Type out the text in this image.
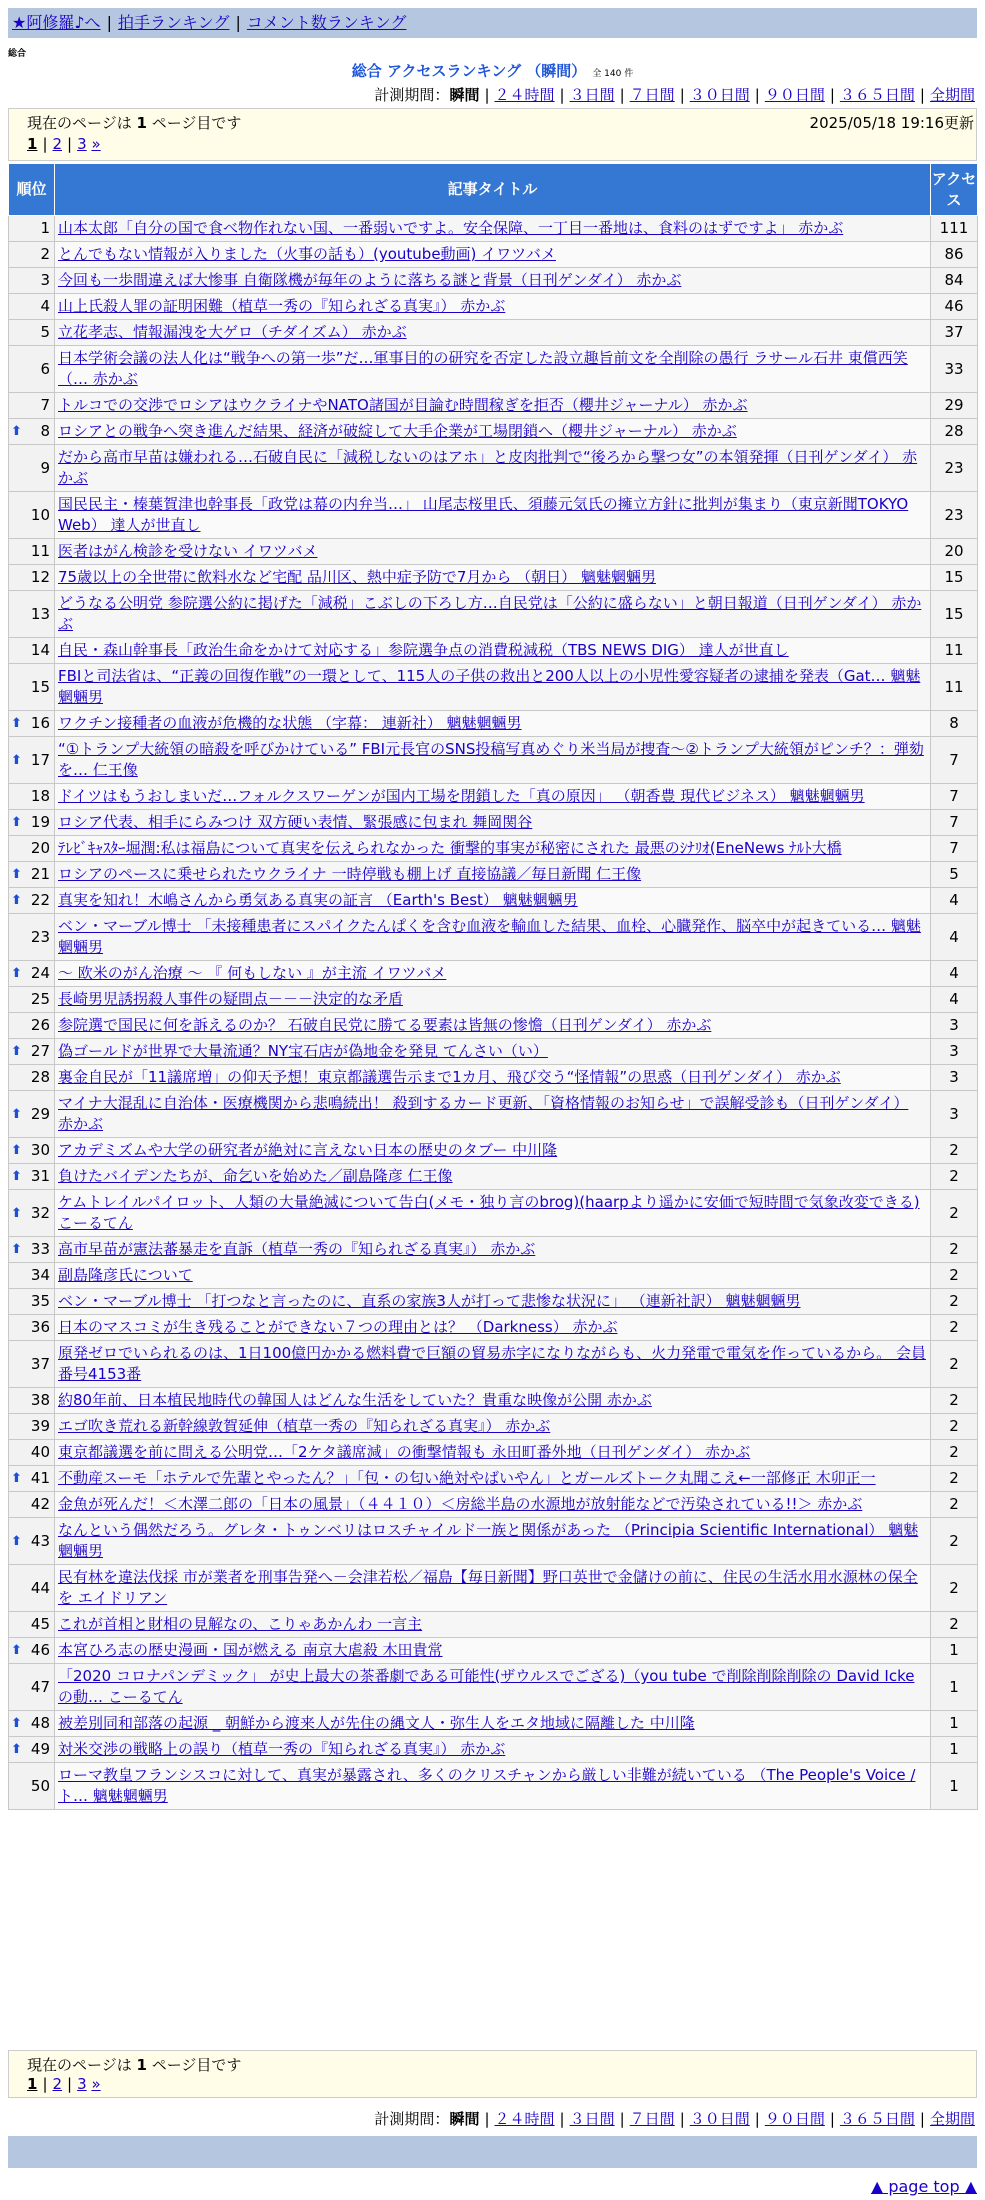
★阿修羅♪へ | 拍手ランキング | コメント数ランキング
総合
総合 アクセスランキング （瞬間） 全 140 件
計測期間：瞬間 | ２４時間 | ３日間 | ７日間 | ３０日間 | ９０日間 | ３６５日間 | 全期間
現在のページは 1 ページ目です	2025/05/18 19:16更新
1 | 2 | 3 »
順位	記事タイトル	アクセス
1	山本太郎「自分の国で食べ物作れない国、一番弱いですよ。安全保障、一丁目一番地は、食料のはずですよ」 赤かぶ	111
2	とんでもない情報が入りました（火事の話も）(youtube動画) イワツバメ	86
3	今回も一歩間違えば大惨事 自衛隊機が毎年のように落ちる謎と背景（日刊ゲンダイ） 赤かぶ	84
4	山上氏殺人罪の証明困難（植草一秀の『知られざる真実』） 赤かぶ	46
5	立花孝志、情報漏洩を大ゲロ（チダイズム） 赤かぶ	37
6	日本学術会議の法人化は“戦争への第一歩”だ…軍事目的の研究を否定した設立趣旨前文を全削除の愚行 ラサール石井 東償西笑 （… 赤かぶ	33
7	トルコでの交渉でロシアはウクライナやNATO諸国が目論む時間稼ぎを拒否（櫻井ジャーナル） 赤かぶ	29

⬆ 8	ロシアとの戦争へ突き進んだ結果、経済が破綻して大手企業が工場閉鎖へ（櫻井ジャーナル） 赤かぶ	28
9	だから高市早苗は嫌われる…石破自民に「減税しないのはアホ」と皮肉批判で“後ろから撃つ女”の本領発揮（日刊ゲンダイ） 赤かぶ	23
10	国民民主・榛葉賀津也幹事長「政党は幕の内弁当…」 山尾志桜里氏、須藤元気氏の擁立方針に批判が集まり（東京新聞TOKYO Web） 達人が世直し	23
11	医者はがん検診を受けない イワツバメ	20
12	75歳以上の全世帯に飲料水など宅配 品川区、熱中症予防で7月から （朝日） 魑魅魍魎男	15
13	どうなる公明党 参院選公約に掲げた「減税」こぶしの下ろし方…自民党は「公約に盛らない」と朝日報道（日刊ゲンダイ） 赤かぶ	15
14	自民・森山幹事長「政治生命をかけて対応する」参院選争点の消費税減税（TBS NEWS DIG） 達人が世直し	11
15	FBIと司法省は、“正義の回復作戦”の一環として、115人の子供の救出と200人以上の小児性愛容疑者の逮捕を発表（Gat… 魑魅魍魎男	11

⬆ 16	ワクチン接種者の血液が危機的な状態 （字幕： 連新社） 魑魅魍魎男	8

⬆ 17	“①トランプ大統領の暗殺を呼びかけている” FBI元長官のSNS投稿写真めぐり米当局が捜査〜②トランプ大統領がピンチ？：弾劾を… 仁王像	7
18	ドイツはもうおしまいだ…フォルクスワーゲンが国内工場を閉鎖した「真の原因」 （朝香豊 現代ビジネス） 魑魅魍魎男	7

⬆ 19	ロシア代表、相手にらみつけ 双方硬い表情、緊張感に包まれ 舞岡関谷	7
20	ﾃﾚﾋﾞｷｬｽﾀｰ堀潤:私は福島について真実を伝えられなかった 衝撃的事実が秘密にされた 最悪のｼﾅﾘｵ(EneNews ﾅﾙﾄ大橋	7

⬆ 21	ロシアのペースに乗せられたウクライナ 一時停戦も棚上げ 直接協議／毎日新聞 仁王像	5

⬆ 22	真実を知れ！木嶋さんから勇気ある真実の証言 （Earth's Best） 魑魅魍魎男	4
23	ベン・マーブル博士 「未接種患者にスパイクたんぱくを含む血液を輸血した結果、血栓、心臓発作、脳卒中が起きている… 魑魅魍魎男	4

⬆ 24	～ 欧米のがん治療 ～ 『 何もしない 』が主流 イワツバメ	4
25	長崎男児誘拐殺人事件の疑問点－－－決定的な矛盾	4
26	参院選で国民に何を訴えるのか？ 石破自民党に勝てる要素は皆無の惨憺（日刊ゲンダイ） 赤かぶ	3

⬆ 27	偽ゴールドが世界で大量流通？NY宝石店が偽地金を発見 てんさい（い）	3
28	裏金自民が「11議席増」の仰天予想！東京都議選告示まで1カ月、飛び交う“怪情報”の思惑（日刊ゲンダイ） 赤かぶ	3

⬆ 29	マイナ大混乱に自治体・医療機関から悲鳴続出！ 殺到するカード更新、「資格情報のお知らせ」で誤解受診も（日刊ゲンダイ） 赤かぶ	3

⬆ 30	アカデミズムや大学の研究者が絶対に言えない日本の歴史のタブー 中川隆	2

⬆ 31	負けたバイデンたちが、命乞いを始めた／副島隆彦 仁王像	2

⬆ 32	ケムトレイルパイロット、人類の大量絶滅について告白(メモ・独り言のbrog)(haarpより遥かに安価で短時間で気象改変できる) こーるてん	2

⬆ 33	高市早苗が憲法蕃暴走を直訴（植草一秀の『知られざる真実』） 赤かぶ	2
34	副島隆彦氏について	2
35	ベン・マーブル博士 「打つなと言ったのに、直系の家族3人が打って悲惨な状況に」 （連新社訳） 魑魅魍魎男	2
36	日本のマスコミが生き残ることができない７つの理由とは？ （Darkness） 赤かぶ	2
37	原発ゼロでいられるのは、1日100億円かかる燃料費で巨額の貿易赤字になりながらも、火力発電で電気を作っているから。 会員番号4153番	2
38	約80年前、日本植民地時代の韓国人はどんな生活をしていた？貴重な映像が公開 赤かぶ	2
39	エゴ吹き荒れる新幹線敦賀延伸（植草一秀の『知られざる真実』） 赤かぶ	2
40	東京都議選を前に問える公明党…「2ケタ議席減」の衝撃情報も 永田町番外地（日刊ゲンダイ） 赤かぶ	2

⬆ 41	不動産スーモ「ホテルで先輩とやったん？」「包・の匂い絶対やばいやん」とガールズトーク丸聞こえ←一部修正 木卯正一	2
42	金魚が死んだ！＜木澤二郎の「日本の風景」（４４１０）＜房総半島の水源地が放射能などで汚染されている!!＞ 赤かぶ	2

⬆ 43	なんという偶然だろう。グレタ・トゥンベリはロスチャイルド一族と関係があった （Principia Scientific International） 魑魅魍魎男	2
44	民有林を違法伐採 市が業者を刑事告発へ－会津若松／福島【毎日新聞】野口英世で金儲けの前に、住民の生活水用水源林の保全を エイドリアン	2
45	これが首相と財相の見解なの、こりゃあかんわ 一言主	2

⬆ 46	本宮ひろ志の歴史漫画・国が燃える 南京大虐殺 木田貴常	1
47	「2020 コロナパンデミック」 が史上最大の茶番劇である可能性(ザウルスでござる)（you tube で削除削除削除の David Ickeの動… こーるてん	1

⬆ 48	被差別同和部落の起源 _ 朝鮮から渡来人が先住の縄文人・弥生人をエタ地域に隔離した 中川隆	1

⬆ 49	対米交渉の戦略上の誤り（植草一秀の『知られざる真実』） 赤かぶ	1
50	ローマ教皇フランシスコに対して、真実が暴露され、多くのクリスチャンから厳しい非難が続いている （The People's Voice / ト… 魑魅魍魎男	1
現在のページは 1 ページ目です
1 | 2 | 3 »
計測期間：瞬間 | ２４時間 | ３日間 | ７日間 | ３０日間 | ９０日間 | ３６５日間 | 全期間
▲ page top ▲
